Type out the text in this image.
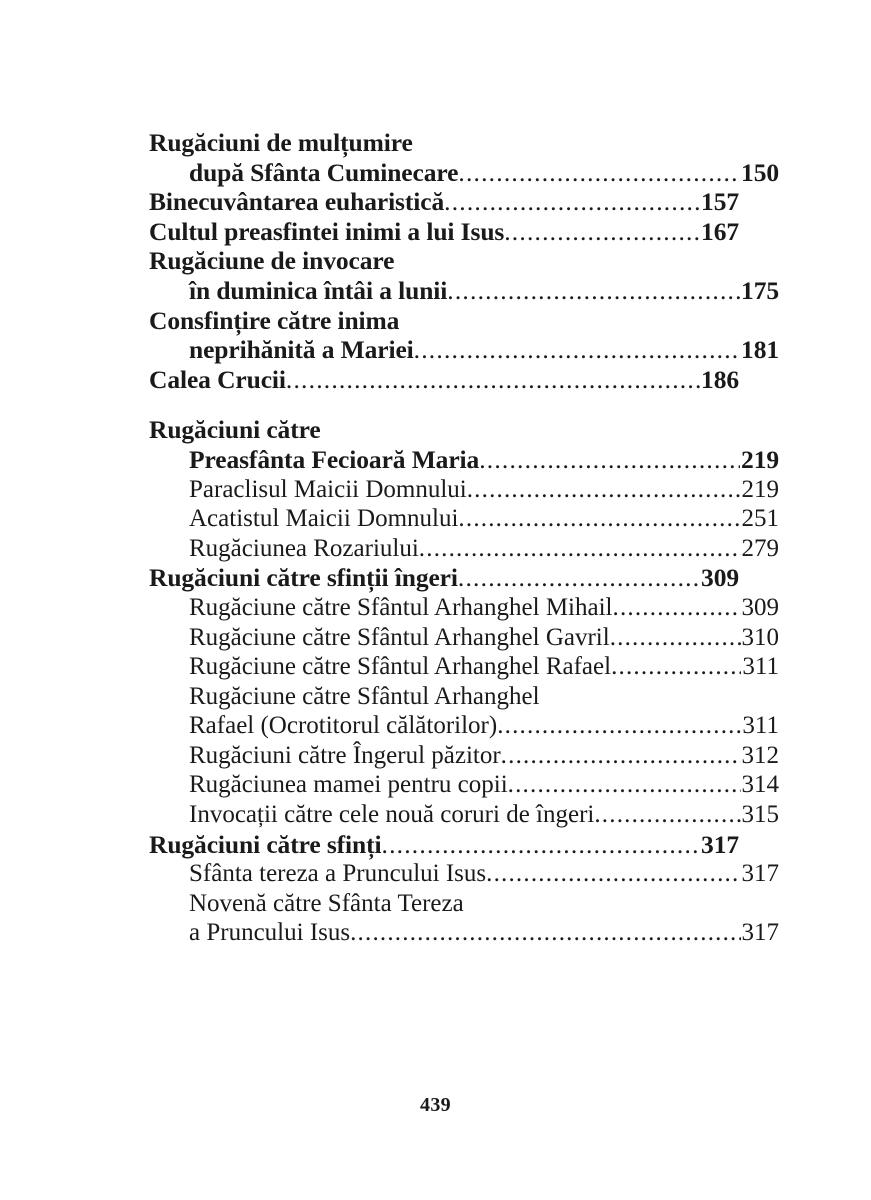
Rugăciuni de mulțumire
după Sfânta Cuminecare .....	150
Binecuvântarea euharistică .....	157
Cultul preasfintei inimi a lui Isus .....	167
Rugăciune de invocare
în duminica întâi a lunii .....	175
Consfințire către inima
neprihănită a Mariei .....	181
Calea Crucii .....	186
Rugăciuni către
Preasfânta Fecioară Maria .....	219
Paraclisul Maicii Domnului .....	219
Acatistul Maicii Domnului .....	251
Rugăciunea Rozariului .....	279
Rugăciuni către sfinții îngeri .....	309
Rugăciune către Sfântul Arhanghel Mihail .....	309
Rugăciune către Sfântul Arhanghel Gavril .....	310
Rugăciune către Sfântul Arhanghel Rafael .....	311
Rugăciune către Sfântul Arhanghel
Rafael (Ocrotitorul călătorilor) .....	311
Rugăciuni către Îngerul păzitor .....	312
Rugăciunea mamei pentru copii .....	314
Invocații către cele nouă coruri de îngeri .....	315
Rugăciuni către sfinți .....	317
Sfânta tereza a Pruncului Isus .....	317
Novenă către Sfânta Tereza
a Pruncului Isus .....	317
439
